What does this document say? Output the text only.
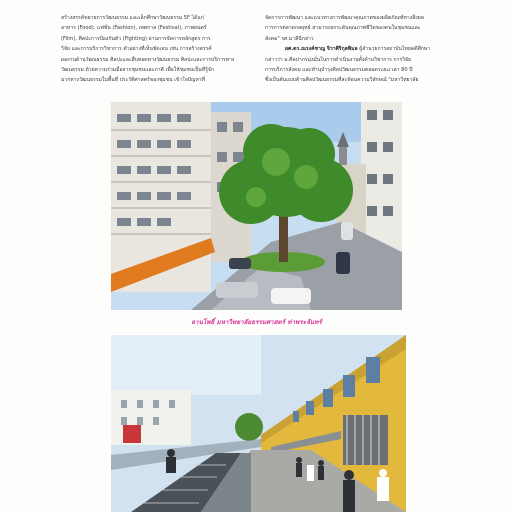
สร้างสรรค์ขยายการวัฒนธรรม และเล็กศึกษาวัฒนธรรม 5F ได้แก่

อาหาร (Food), แฟชั่น (Fashion), เทศกาล (Festival), ภาพยนตร์

(Film), ศิลปะการป้องกันตัว (Fighting) ผ่านการจัดการหลักสูตร การ

วิจัย และการบริการวิชาการ ตัวอย่างที่เห็นชัดเจน เช่น การสร้างสรรค์

ผลงานด้านวัฒนธรรม ศิลปะและสืบทอดทางวัฒนธรรม ศิลปะและการบริการทาง

วัฒนธรรม ด้วยความร่วมมือจากชุมชนและภาคี เพื่อให้ชุมชนเป็นที่รู้จัก

มากทางวัฒนธรรมในพื้นที่ ประวัติศาสตร์ของชุมชน เข้าใจปัญหาที่

จัดการการพัฒนา และแนวทางการพัฒนาคุณภาพของผลิตภัณฑ์ทางสิ่งผล

การการตลาดกลยุทธ์ สามารถยกระดับคุณภาพชีวิตของคนในชุมชนและ

สังคม" รศ.มาลีนีกล่าว

ผศ.ดร.ณรงค์ชาญ จิวาศิริกุลพิมล ผู้อำนวยการสถาบันไทยคดีศึกษา

กล่าวว่า ม.ศิลปากรมุ่งมั่นในการดำเนินงานทั้งด้านวิชาการ การวิจัย

การบริการสังคม และทำนุบำรุงศิลปวัฒนธรรมตลอดระยะเวลา 80 ปี

ซึ่งเป็นต้นแบบด้านศิลปวัฒนธรรมที่สะท้อนความวิลักษณ์ "มหาวิทยาลัย

ลานโพธิ์ มหาวิทยาลัยธรรมศาสตร์ ท่าพระจันทร์
